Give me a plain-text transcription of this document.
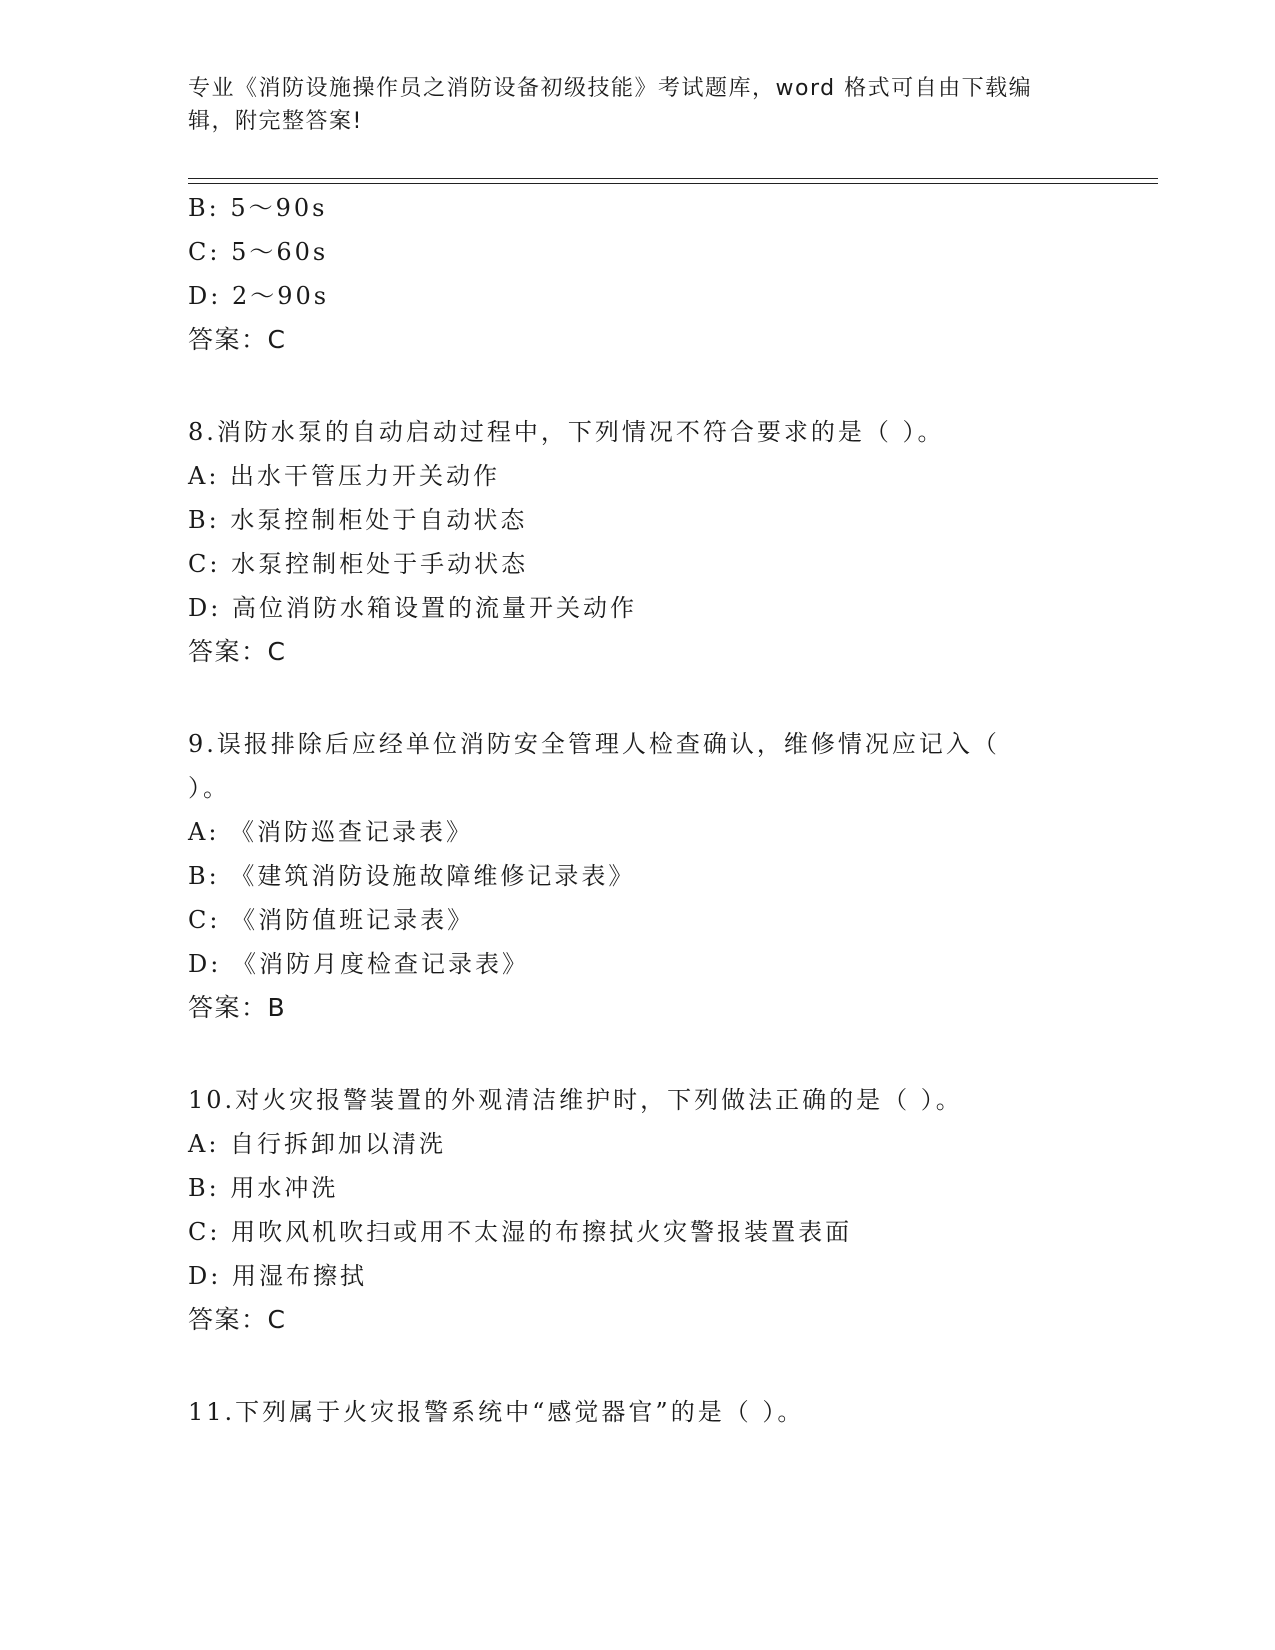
专业《消防设施操作员之消防设备初级技能》考试题库，word 格式可自由下载编
辑，附完整答案!
B: 5～90s
C: 5～60s
D: 2～90s
答案：C
8.消防水泵的自动启动过程中，下列情况不符合要求的是（ ）。
A: 出水干管压力开关动作
B: 水泵控制柜处于自动状态
C: 水泵控制柜处于手动状态
D: 高位消防水箱设置的流量开关动作
答案：C
9.误报排除后应经单位消防安全管理人检查确认，维修情况应记入（
）。
A: 《消防巡查记录表》
B: 《建筑消防设施故障维修记录表》
C: 《消防值班记录表》
D: 《消防月度检查记录表》
答案：B
10.对火灾报警装置的外观清洁维护时，下列做法正确的是（ ）。
A: 自行拆卸加以清洗
B: 用水冲洗
C: 用吹风机吹扫或用不太湿的布擦拭火灾警报装置表面
D: 用湿布擦拭
答案：C
11.下列属于火灾报警系统中“感觉器官”的是（ ）。
